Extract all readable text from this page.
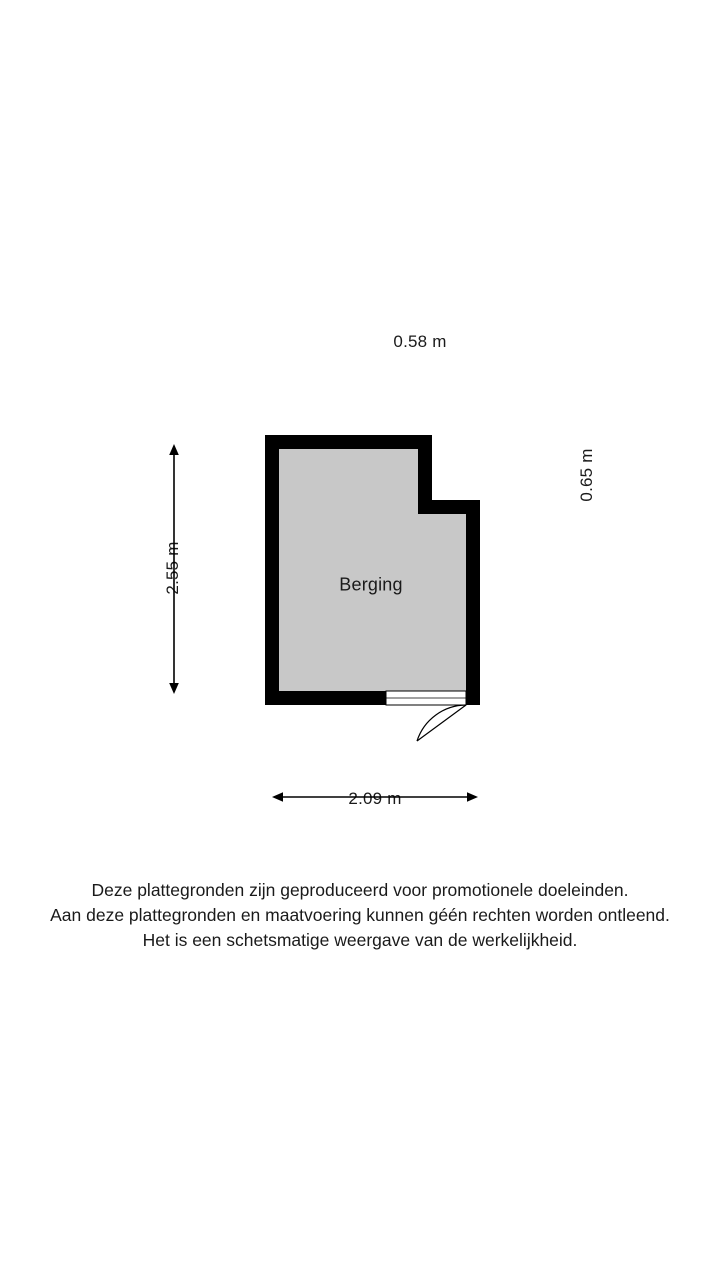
0.58 m
0.65 m
2.55 m
2.09 m
Berging
Deze plattegronden zijn geproduceerd voor promotionele doeleinden.
Aan deze plattegronden en maatvoering kunnen géén rechten worden ontleend.
Het is een schetsmatige weergave van de werkelijkheid.
